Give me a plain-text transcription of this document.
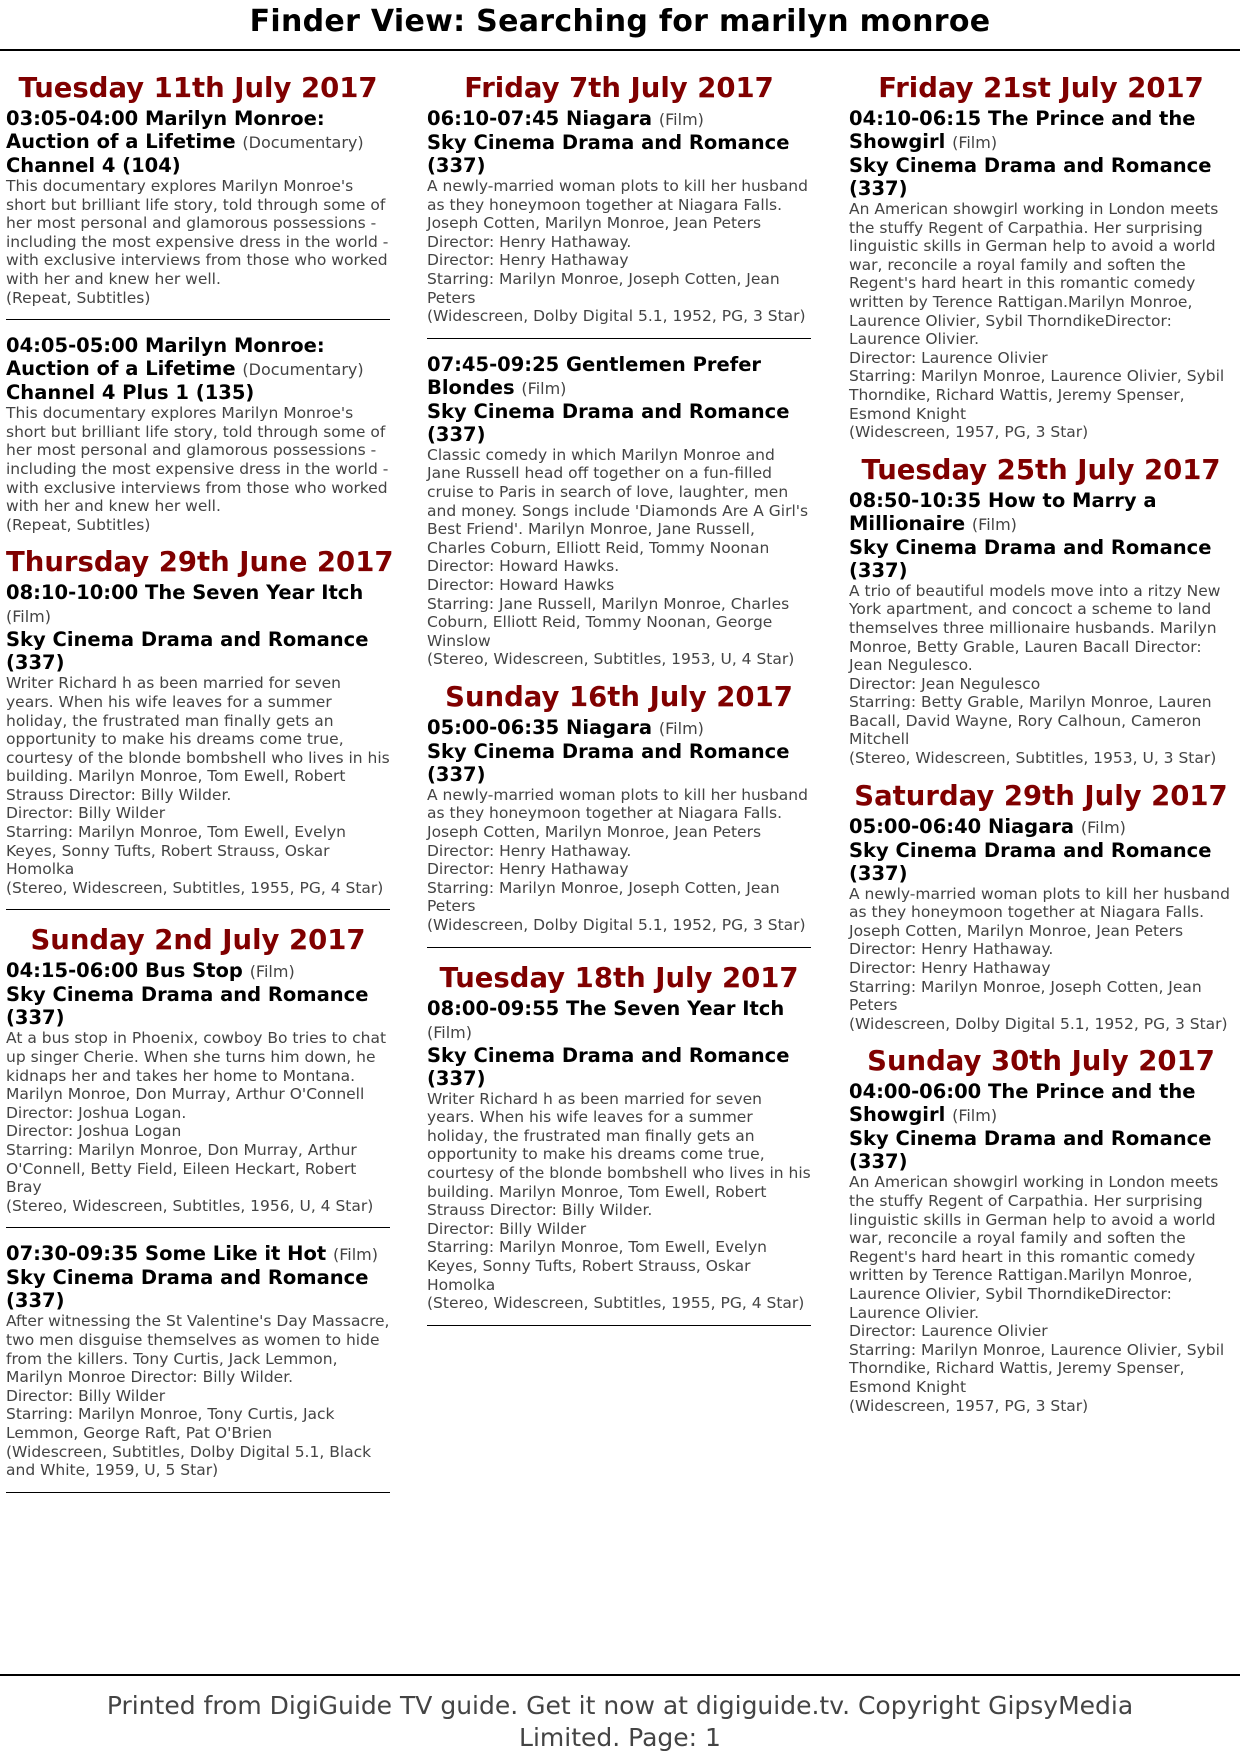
Finder View: Searching for marilyn monroe
Tuesday 11th July 2017
03:05-04:00 Marilyn Monroe: Auction of a Lifetime (Documentary)
Channel 4 (104)
This documentary explores Marilyn Monroe's short but brilliant life story, told through some of her most personal and glamorous possessions - including the most expensive dress in the world - with exclusive interviews from those who worked with her and knew her well.
(Repeat, Subtitles)
04:05-05:00 Marilyn Monroe: Auction of a Lifetime (Documentary)
Channel 4 Plus 1 (135)
This documentary explores Marilyn Monroe's short but brilliant life story, told through some of her most personal and glamorous possessions - including the most expensive dress in the world - with exclusive interviews from those who worked with her and knew her well.
(Repeat, Subtitles)
Thursday 29th June 2017
08:10-10:00 The Seven Year Itch (Film)
Sky Cinema Drama and Romance (337)
Writer Richard h as been married for seven years. When his wife leaves for a summer holiday, the frustrated man finally gets an opportunity to make his dreams come true, courtesy of the blonde bombshell who lives in his building. Marilyn Monroe, Tom Ewell, Robert Strauss Director: Billy Wilder.
Director: Billy Wilder
Starring: Marilyn Monroe, Tom Ewell, Evelyn Keyes, Sonny Tufts, Robert Strauss, Oskar Homolka
(Stereo, Widescreen, Subtitles, 1955, PG, 4 Star)
Sunday 2nd July 2017
04:15-06:00 Bus Stop (Film)
Sky Cinema Drama and Romance (337)
At a bus stop in Phoenix, cowboy Bo tries to chat up singer Cherie. When she turns him down, he kidnaps her and takes her home to Montana. Marilyn Monroe, Don Murray, Arthur O'Connell Director: Joshua Logan.
Director: Joshua Logan
Starring: Marilyn Monroe, Don Murray, Arthur O'Connell, Betty Field, Eileen Heckart, Robert Bray
(Stereo, Widescreen, Subtitles, 1956, U, 4 Star)
07:30-09:35 Some Like it Hot (Film)
Sky Cinema Drama and Romance (337)
After witnessing the St Valentine's Day Massacre, two men disguise themselves as women to hide from the killers. Tony Curtis, Jack Lemmon, Marilyn Monroe Director: Billy Wilder.
Director: Billy Wilder
Starring: Marilyn Monroe, Tony Curtis, Jack Lemmon, George Raft, Pat O'Brien
(Widescreen, Subtitles, Dolby Digital 5.1, Black and White, 1959, U, 5 Star)
Friday 7th July 2017
06:10-07:45 Niagara (Film)
Sky Cinema Drama and Romance (337)
A newly-married woman plots to kill her husband as they honeymoon together at Niagara Falls. Joseph Cotten, Marilyn Monroe, Jean Peters Director: Henry Hathaway.
Director: Henry Hathaway
Starring: Marilyn Monroe, Joseph Cotten, Jean Peters
(Widescreen, Dolby Digital 5.1, 1952, PG, 3 Star)
07:45-09:25 Gentlemen Prefer Blondes (Film)
Sky Cinema Drama and Romance (337)
Classic comedy in which Marilyn Monroe and Jane Russell head off together on a fun-filled cruise to Paris in search of love, laughter, men and money. Songs include 'Diamonds Are A Girl's Best Friend'. Marilyn Monroe, Jane Russell, Charles Coburn, Elliott Reid, Tommy Noonan Director: Howard Hawks.
Director: Howard Hawks
Starring: Jane Russell, Marilyn Monroe, Charles Coburn, Elliott Reid, Tommy Noonan, George Winslow
(Stereo, Widescreen, Subtitles, 1953, U, 4 Star)
Sunday 16th July 2017
05:00-06:35 Niagara (Film)
Sky Cinema Drama and Romance (337)
A newly-married woman plots to kill her husband as they honeymoon together at Niagara Falls. Joseph Cotten, Marilyn Monroe, Jean Peters Director: Henry Hathaway.
Director: Henry Hathaway
Starring: Marilyn Monroe, Joseph Cotten, Jean Peters
(Widescreen, Dolby Digital 5.1, 1952, PG, 3 Star)
Tuesday 18th July 2017
08:00-09:55 The Seven Year Itch (Film)
Sky Cinema Drama and Romance (337)
Writer Richard h as been married for seven years. When his wife leaves for a summer holiday, the frustrated man finally gets an opportunity to make his dreams come true, courtesy of the blonde bombshell who lives in his building. Marilyn Monroe, Tom Ewell, Robert Strauss Director: Billy Wilder.
Director: Billy Wilder
Starring: Marilyn Monroe, Tom Ewell, Evelyn Keyes, Sonny Tufts, Robert Strauss, Oskar Homolka
(Stereo, Widescreen, Subtitles, 1955, PG, 4 Star)
Friday 21st July 2017
04:10-06:15 The Prince and the Showgirl (Film)
Sky Cinema Drama and Romance (337)
An American showgirl working in London meets the stuffy Regent of Carpathia. Her surprising linguistic skills in German help to avoid a world war, reconcile a royal family and soften the Regent's hard heart in this romantic comedy written by Terence Rattigan.Marilyn Monroe, Laurence Olivier, Sybil ThorndikeDirector: Laurence Olivier.
Director: Laurence Olivier
Starring: Marilyn Monroe, Laurence Olivier, Sybil Thorndike, Richard Wattis, Jeremy Spenser, Esmond Knight
(Widescreen, 1957, PG, 3 Star)
Tuesday 25th July 2017
08:50-10:35 How to Marry a Millionaire (Film)
Sky Cinema Drama and Romance (337)
A trio of beautiful models move into a ritzy New York apartment, and concoct a scheme to land themselves three millionaire husbands. Marilyn Monroe, Betty Grable, Lauren Bacall Director: Jean Negulesco.
Director: Jean Negulesco
Starring: Betty Grable, Marilyn Monroe, Lauren Bacall, David Wayne, Rory Calhoun, Cameron Mitchell
(Stereo, Widescreen, Subtitles, 1953, U, 3 Star)
Saturday 29th July 2017
05:00-06:40 Niagara (Film)
Sky Cinema Drama and Romance (337)
A newly-married woman plots to kill her husband as they honeymoon together at Niagara Falls. Joseph Cotten, Marilyn Monroe, Jean Peters Director: Henry Hathaway.
Director: Henry Hathaway
Starring: Marilyn Monroe, Joseph Cotten, Jean Peters
(Widescreen, Dolby Digital 5.1, 1952, PG, 3 Star)
Sunday 30th July 2017
04:00-06:00 The Prince and the Showgirl (Film)
Sky Cinema Drama and Romance (337)
An American showgirl working in London meets the stuffy Regent of Carpathia. Her surprising linguistic skills in German help to avoid a world war, reconcile a royal family and soften the Regent's hard heart in this romantic comedy written by Terence Rattigan.Marilyn Monroe, Laurence Olivier, Sybil ThorndikeDirector: Laurence Olivier.
Director: Laurence Olivier
Starring: Marilyn Monroe, Laurence Olivier, Sybil Thorndike, Richard Wattis, Jeremy Spenser, Esmond Knight
(Widescreen, 1957, PG, 3 Star)
Printed from DigiGuide TV guide. Get it now at digiguide.tv. Copyright GipsyMedia Limited. Page: 1
